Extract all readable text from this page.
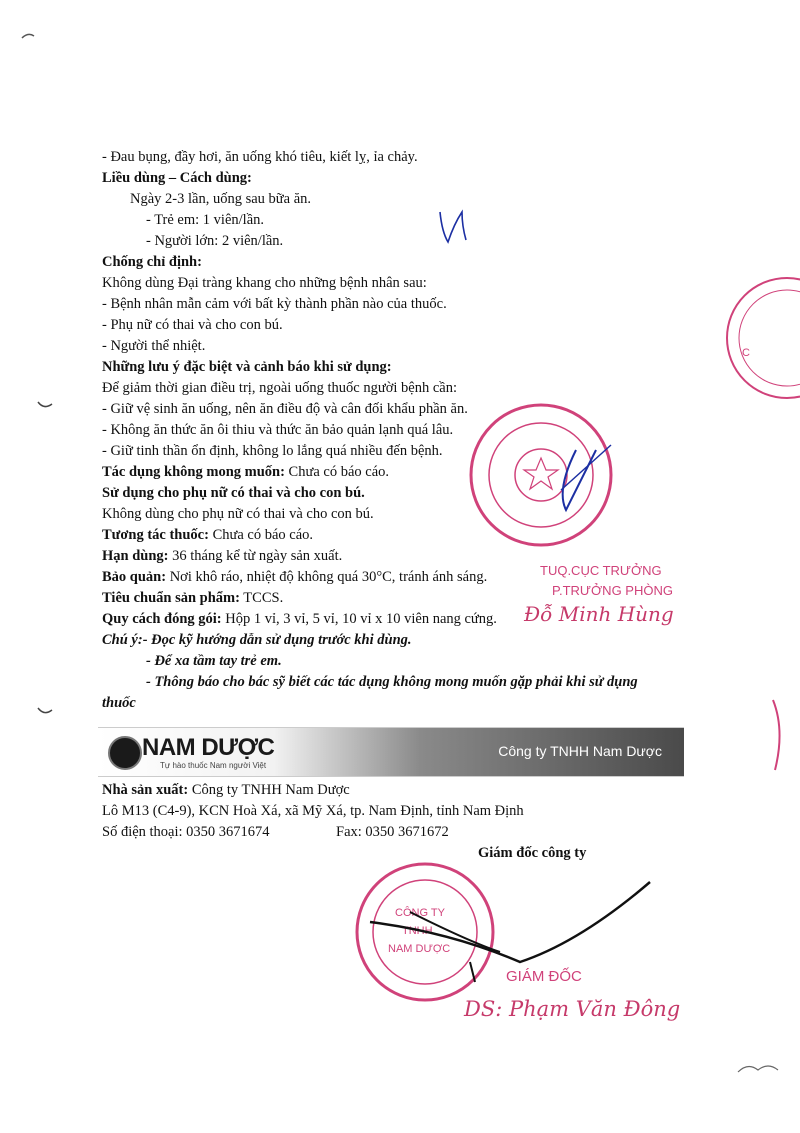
C
- Đau bụng, đầy hơi, ăn uống khó tiêu, kiết lỵ, ỉa chảy.
Liều dùng – Cách dùng:
Ngày 2-3 lần, uống sau bữa ăn.
- Trẻ em: 1 viên/lần.
- Người lớn: 2 viên/lần.
Chống chỉ định:
Không dùng Đại tràng khang cho những bệnh nhân sau:
- Bệnh nhân mẫn cảm với bất kỳ thành phần nào của thuốc.
- Phụ nữ có thai và cho con bú.
- Người thể nhiệt.
Những lưu ý đặc biệt và cảnh báo khi sử dụng:
Để giảm thời gian điều trị, ngoài uống thuốc người bệnh cần:
- Giữ vệ sinh ăn uống, nên ăn điều độ và cân đối khẩu phần ăn.
- Không ăn thức ăn ôi thiu và thức ăn bảo quản lạnh quá lâu.
- Giữ tinh thần ổn định, không lo lắng quá nhiều đến bệnh.
Tác dụng không mong muốn: Chưa có báo cáo.
Sử dụng cho phụ nữ có thai và cho con bú.
Không dùng cho phụ nữ có thai và cho con bú.
Tương tác thuốc: Chưa có báo cáo.
Hạn dùng: 36 tháng kể từ ngày sản xuất.
Bảo quản: Nơi khô ráo, nhiệt độ không quá 30°C, tránh ánh sáng.
Tiêu chuẩn sản phẩm: TCCS.
Quy cách đóng gói: Hộp 1 vỉ, 3 vỉ, 5 vỉ, 10 vỉ x 10 viên nang cứng.
Chú ý:- Đọc kỹ hướng dẫn sử dụng trước khi dùng.
- Để xa tầm tay trẻ em.
- Thông báo cho bác sỹ biết các tác dụng không mong muốn gặp phải khi sử dụng
thuốc
TUQ.CỤC TRƯỞNG
P.TRƯỞNG PHÒNG
Đỗ Minh Hùng
NAM DƯỢC
Tự hào thuốc Nam người Việt
Công ty TNHH Nam Dược
Nhà sản xuất: Công ty TNHH Nam Dược
Lô M13 (C4-9), KCN Hoà Xá, xã Mỹ Xá, tp. Nam Định, tỉnh Nam Định
Số điện thoại: 0350 3671674	Fax: 0350 3671672
Giám đốc công ty
CÔNG TY
TNHH
NAM DƯỢC
GIÁM ĐỐC
DS: Phạm Văn Đông
